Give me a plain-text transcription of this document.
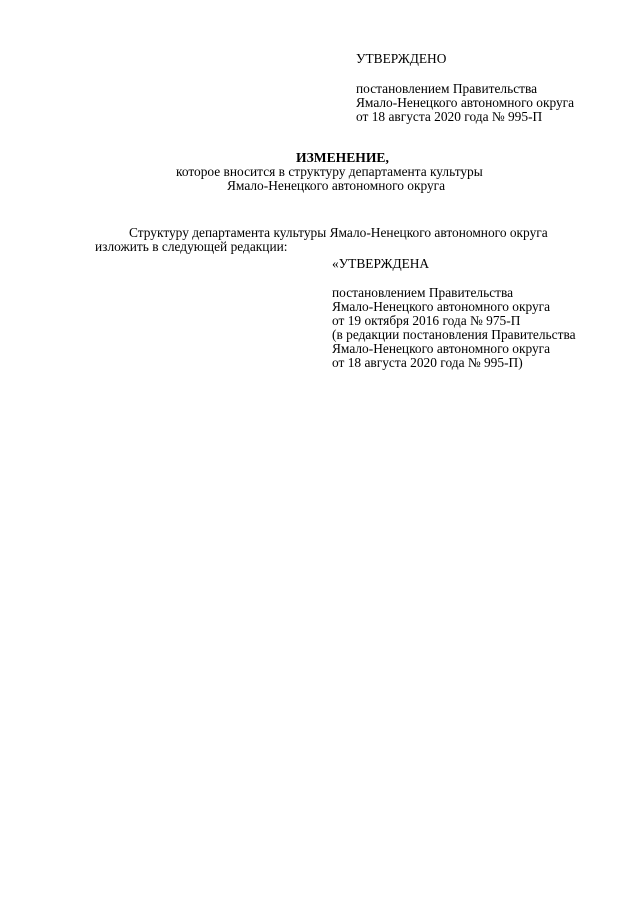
УТВЕРЖДЕНО
постановлением Правительства
Ямало-Ненецкого автономного округа
от 18 августа 2020 года № 995-П
ИЗМЕНЕНИЕ,
которое вносится в структуру департамента культуры
Ямало-Ненецкого автономного округа
Структуру департамента культуры Ямало-Ненецкого автономного округа
изложить в следующей редакции:
«УТВЕРЖДЕНА
постановлением Правительства
Ямало-Ненецкого автономного округа
от 19 октября 2016 года № 975-П
(в редакции постановления Правительства
Ямало-Ненецкого автономного округа
от 18 августа 2020 года № 995-П)
